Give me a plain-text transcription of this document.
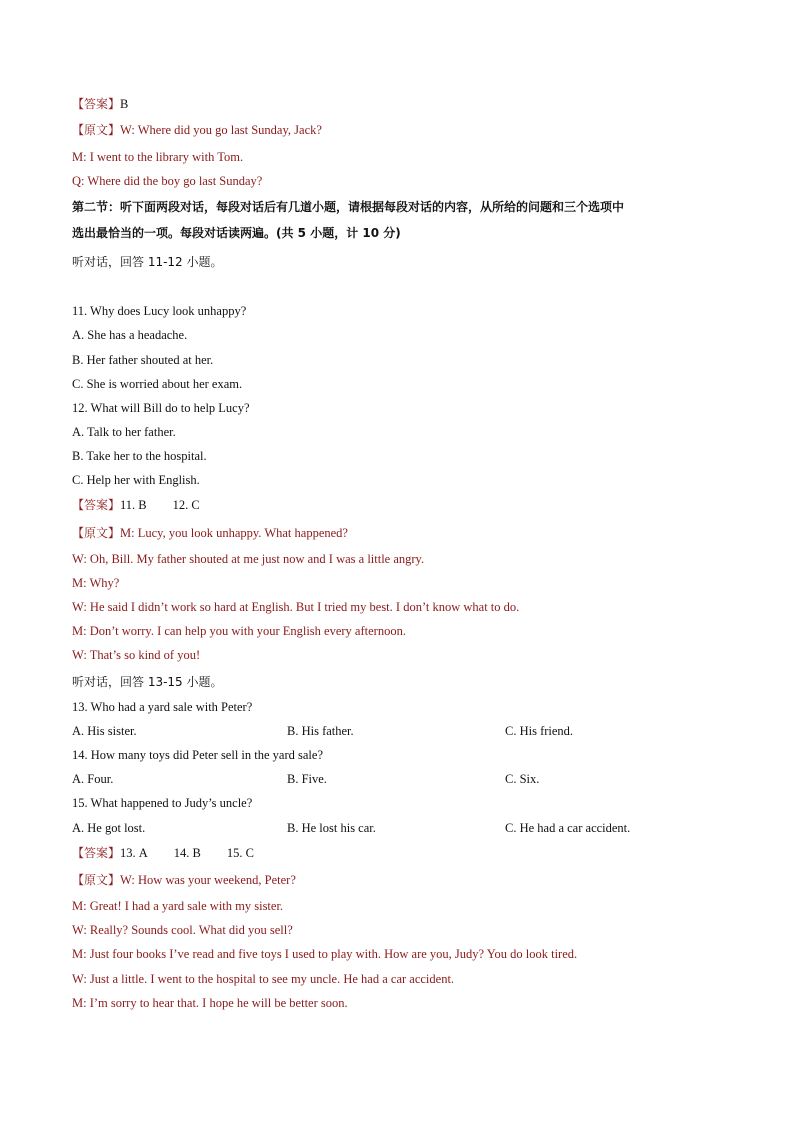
【答案】B
【原文】W: Where did you go last Sunday, Jack?
M: I went to the library with Tom.
Q: Where did the boy go last Sunday?
第二节：听下面两段对话，每段对话后有几道小题，请根据每段对话的内容，从所给的问题和三个选项中
选出最恰当的一项。每段对话读两遍。(共 5 小题，计 10 分)
听对话，回答 11-12 小题。
11. Why does Lucy look unhappy?
A. She has a headache.
B. Her father shouted at her.
C. She is worried about her exam.
12. What will Bill do to help Lucy?
A. Talk to her father.
B. Take her to the hospital.
C. Help her with English.
【答案】11. B 12. C
【原文】M: Lucy, you look unhappy. What happened?
W: Oh, Bill. My father shouted at me just now and I was a little angry.
M: Why?
W: He said I didn’t work so hard at English. But I tried my best. I don’t know what to do.
M: Don’t worry. I can help you with your English every afternoon.
W: That’s so kind of you!
听对话，回答 13-15 小题。
13. Who had a yard sale with Peter?
A. His sister.	B. His father.	C. His friend.
14. How many toys did Peter sell in the yard sale?
A. Four.	B. Five.	C. Six.
15. What happened to Judy’s uncle?
A. He got lost.	B. He lost his car.	C. He had a car accident.
【答案】13. A 14. B 15. C
【原文】W: How was your weekend, Peter?
M: Great! I had a yard sale with my sister.
W: Really? Sounds cool. What did you sell?
M: Just four books I’ve read and five toys I used to play with. How are you, Judy? You do look tired.
W: Just a little. I went to the hospital to see my uncle. He had a car accident.
M: I’m sorry to hear that. I hope he will be better soon.
